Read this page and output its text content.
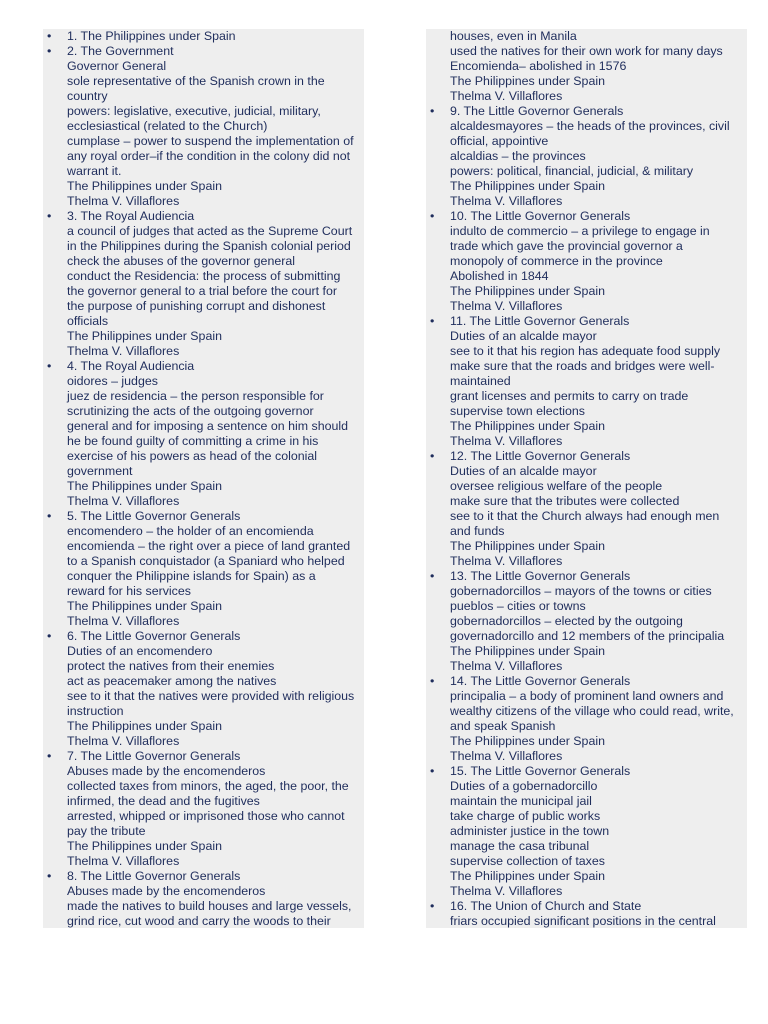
• 1. The Philippines under Spain
• 2. The Government
Governor General
sole representative of the Spanish crown in the
country
powers: legislative, executive, judicial, military,
ecclesiastical (related to the Church)
cumplase – power to suspend the implementation of
any royal order–if the condition in the colony did not
warrant it.
The Philippines under Spain
Thelma V. Villaflores
• 3. The Royal Audiencia
a council of judges that acted as the Supreme Court
in the Philippines during the Spanish colonial period
check the abuses of the governor general
conduct the Residencia: the process of submitting
the governor general to a trial before the court for
the purpose of punishing corrupt and dishonest
officials
The Philippines under Spain
Thelma V. Villaflores
• 4. The Royal Audiencia
oidores – judges
juez de residencia – the person responsible for
scrutinizing the acts of the outgoing governor
general and for imposing a sentence on him should
he be found guilty of committing a crime in his
exercise of his powers as head of the colonial
government
The Philippines under Spain
Thelma V. Villaflores
• 5. The Little Governor Generals
encomendero – the holder of an encomienda
encomienda – the right over a piece of land granted
to a Spanish conquistador (a Spaniard who helped
conquer the Philippine islands for Spain) as a
reward for his services
The Philippines under Spain
Thelma V. Villaflores
• 6. The Little Governor Generals
Duties of an encomendero
protect the natives from their enemies
act as peacemaker among the natives
see to it that the natives were provided with religious
instruction
The Philippines under Spain
Thelma V. Villaflores
• 7. The Little Governor Generals
Abuses made by the encomenderos
collected taxes from minors, the aged, the poor, the
infirmed, the dead and the fugitives
arrested, whipped or imprisoned those who cannot
pay the tribute
The Philippines under Spain
Thelma V. Villaflores
• 8. The Little Governor Generals
Abuses made by the encomenderos
made the natives to build houses and large vessels,
grind rice, cut wood and carry the woods to their
houses, even in Manila
used the natives for their own work for many days
Encomienda– abolished in 1576
The Philippines under Spain
Thelma V. Villaflores
• 9. The Little Governor Generals
alcaldesmayores – the heads of the provinces, civil
official, appointive
alcaldias – the provinces
powers: political, financial, judicial, & military
The Philippines under Spain
Thelma V. Villaflores
• 10. The Little Governor Generals
indulto de commercio – a privilege to engage in
trade which gave the provincial governor a
monopoly of commerce in the province
Abolished in 1844
The Philippines under Spain
Thelma V. Villaflores
• 11. The Little Governor Generals
Duties of an alcalde mayor
see to it that his region has adequate food supply
make sure that the roads and bridges were well-
maintained
grant licenses and permits to carry on trade
supervise town elections
The Philippines under Spain
Thelma V. Villaflores
• 12. The Little Governor Generals
Duties of an alcalde mayor
oversee religious welfare of the people
make sure that the tributes were collected
see to it that the Church always had enough men
and funds
The Philippines under Spain
Thelma V. Villaflores
• 13. The Little Governor Generals
gobernadorcillos – mayors of the towns or cities
pueblos – cities or towns
gobernadorcillos – elected by the outgoing
governadorcillo and 12 members of the principalia
The Philippines under Spain
Thelma V. Villaflores
• 14. The Little Governor Generals
principalia – a body of prominent land owners and
wealthy citizens of the village who could read, write,
and speak Spanish
The Philippines under Spain
Thelma V. Villaflores
• 15. The Little Governor Generals
Duties of a gobernadorcillo
maintain the municipal jail
take charge of public works
administer justice in the town
manage the casa tribunal
supervise collection of taxes
The Philippines under Spain
Thelma V. Villaflores
• 16. The Union of Church and State
friars occupied significant positions in the central
